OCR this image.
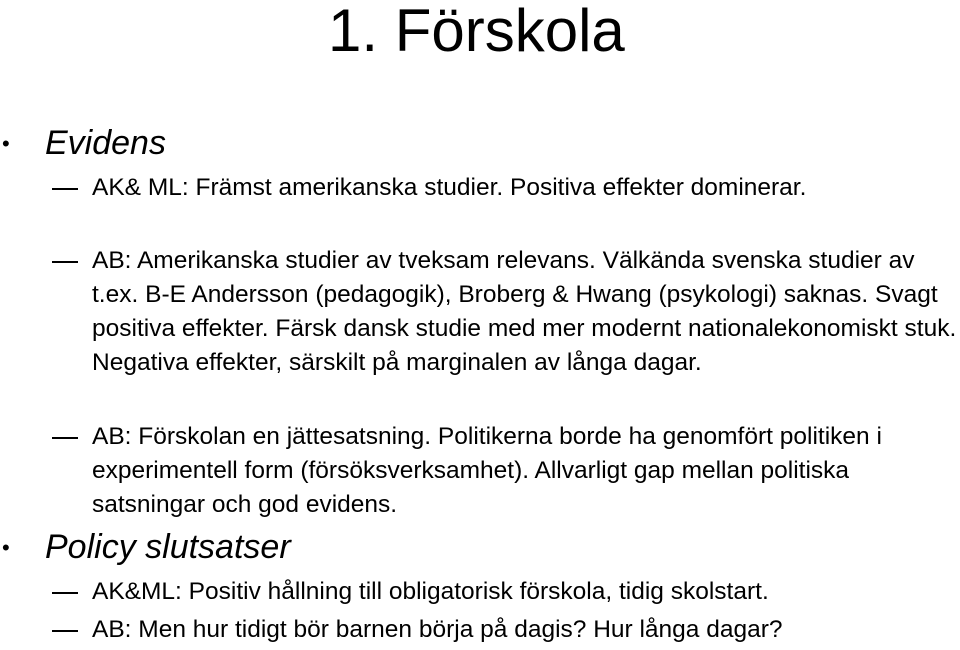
1. Förskola
• Evidens

AK& ML: Främst amerikanska studier. Positiva effekter dominerar.

AB: Amerikanska studier av tveksam relevans. Välkända svenska studier av t.ex. B-E Andersson (pedagogik), Broberg & Hwang (psykologi) saknas. Svagt positiva effekter. Färsk dansk studie med mer modernt nationalekonomiskt stuk. Negativa effekter, särskilt på marginalen av långa dagar.

AB: Förskolan en jättesatsning. Politikerna borde ha genomfört politiken i experimentell form (försöksverksamhet). Allvarligt gap mellan politiska satsningar och god evidens.

• Policy slutsatser

AK&ML: Positiv hållning till obligatorisk förskola, tidig skolstart.

AB: Men hur tidigt bör barnen börja på dagis? Hur långa dagar?
